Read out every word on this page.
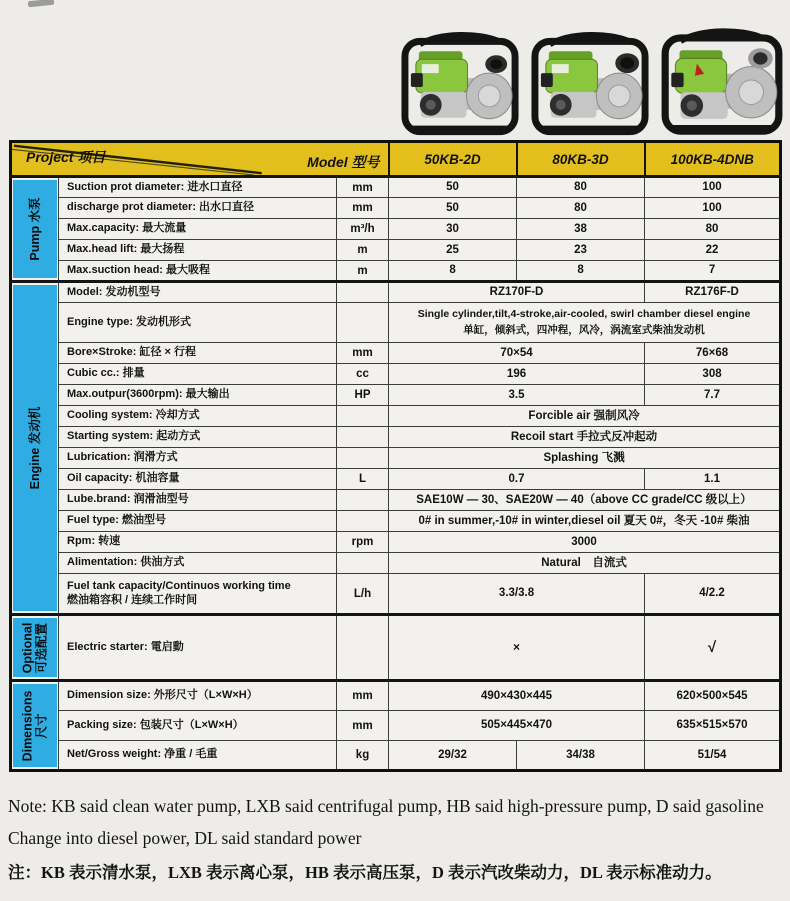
Project 项目 Model 型号			50KB-2D	80KB-3D	100KB-4DNB

Pump 水泵	Suction prot diameter: 进水口直径	mm	50	80	100
	discharge prot diameter: 出水口直径	mm	50	80	100
	Max.capacity: 最大流量	m³/h	30	38	80
	Max.head lift: 最大扬程	m	25	23	22
	Max.suction head: 最大吸程	m	8	8	7

Engine 发动机	Model: 发动机型号		RZ170F-D		RZ176F-D
	Engine type: 发动机形式		Single cylinder,tilt,4-stroke,air-cooled, swirl chamber diesel engine
单缸，倾斜式，四冲程，风冷，涡流室式柴油发动机		

	Bore×Stroke: 缸径 × 行程	mm	70×54		76×68
	Cubic cc.: 排量	cc	196		308
	Max.outpur(3600rpm): 最大输出	HP	3.5		7.7
	Cooling system: 冷却方式		Forcible air 强制风冷		
	Starting system: 起动方式		Recoil start 手拉式反冲起动		
	Lubrication: 润滑方式		Splashing 飞溅		
	Oil capacity: 机油容量	L	0.7		1.1
	Lube.brand: 润滑油型号		SAE10W — 30、SAE20W — 40（above CC grade/CC 级以上）		
	Fuel type: 燃油型号		0# in summer,-10# in winter,diesel oil 夏天 0#，冬天 -10# 柴油		
	Rpm: 转速	rpm	3000		
	Alimentation: 供油方式		Natural　自流式		

	Fuel tank capacity/Continuos working time
燃油箱容积 / 连续工作时间	L/h	3.3/3.8		4/2.2

Optional 可选配置	Electric starter: 電启動		×		√

Dimensions 尺寸	Dimension size: 外形尺寸（L×W×H）	mm	490×430×445		620×500×545
	Packing size: 包装尺寸（L×W×H）	mm	505×445×470		635×515×570
	Net/Gross weight: 净重 / 毛重	kg	29/32	34/38	51/54
Note: KB said clean water pump, LXB said centrifugal pump, HB said high-pressure pump, D said gasoline Change into diesel power, DL said standard power
注：KB 表示清水泵，LXB 表示离心泵，HB 表示高压泵，D 表示汽改柴动力，DL 表示标准动力。
